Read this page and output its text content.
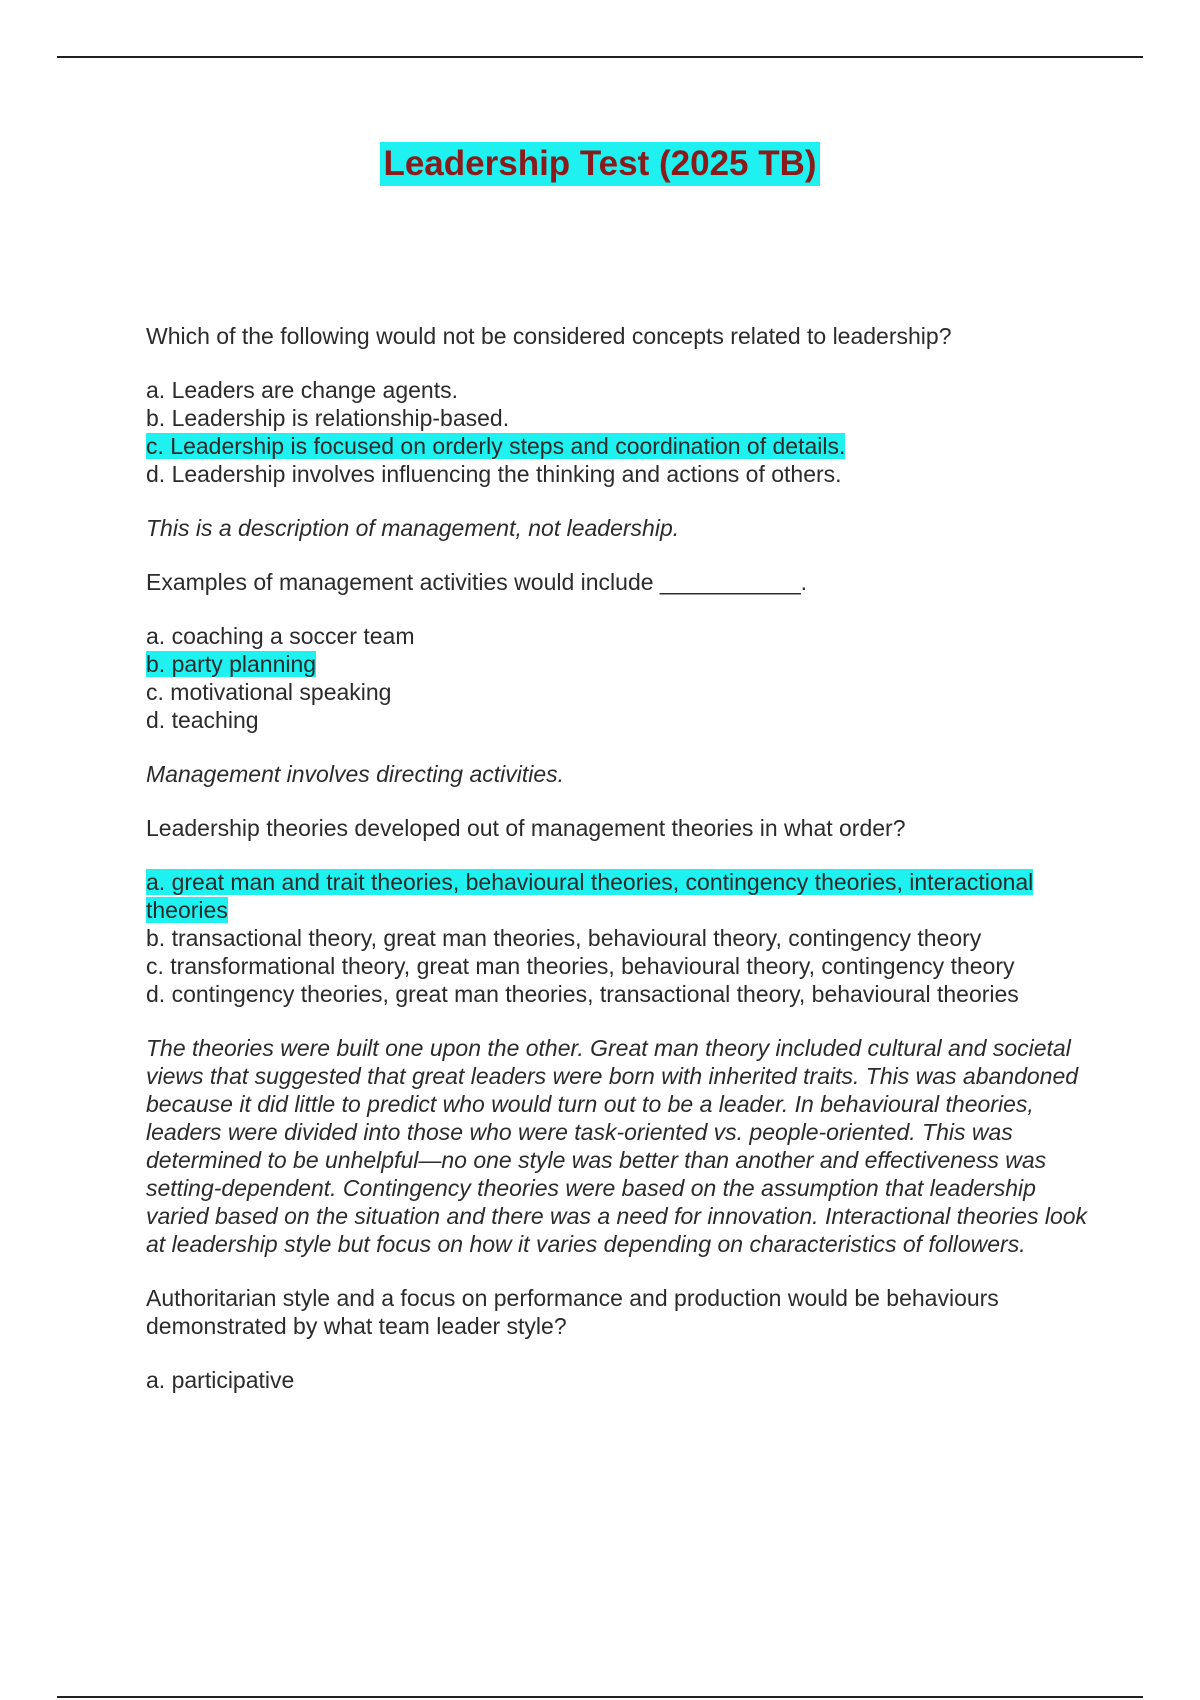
Leadership Test (2025 TB)

Which of the following would not be considered concepts related to leadership?

a. Leaders are change agents.
b. Leadership is relationship-based.
c. Leadership is focused on orderly steps and coordination of details.
d. Leadership involves influencing the thinking and actions of others.

This is a description of management, not leadership.

Examples of management activities would include ___________.

a. coaching a soccer team
b. party planning
c. motivational speaking
d. teaching

Management involves directing activities.

Leadership theories developed out of management theories in what order?

a. great man and trait theories, behavioural theories, contingency theories, interactional theories
b. transactional theory, great man theories, behavioural theory, contingency theory
c. transformational theory, great man theories, behavioural theory, contingency theory
d. contingency theories, great man theories, transactional theory, behavioural theories

The theories were built one upon the other. Great man theory included cultural and societal views that suggested that great leaders were born with inherited traits. This was abandoned because it did little to predict who would turn out to be a leader. In behavioural theories, leaders were divided into those who were task-oriented vs. people-oriented. This was determined to be unhelpful—no one style was better than another and effectiveness was setting-dependent. Contingency theories were based on the assumption that leadership varied based on the situation and there was a need for innovation. Interactional theories look at leadership style but focus on how it varies depending on characteristics of followers.

Authoritarian style and a focus on performance and production would be behaviours demonstrated by what team leader style?

a. participative
